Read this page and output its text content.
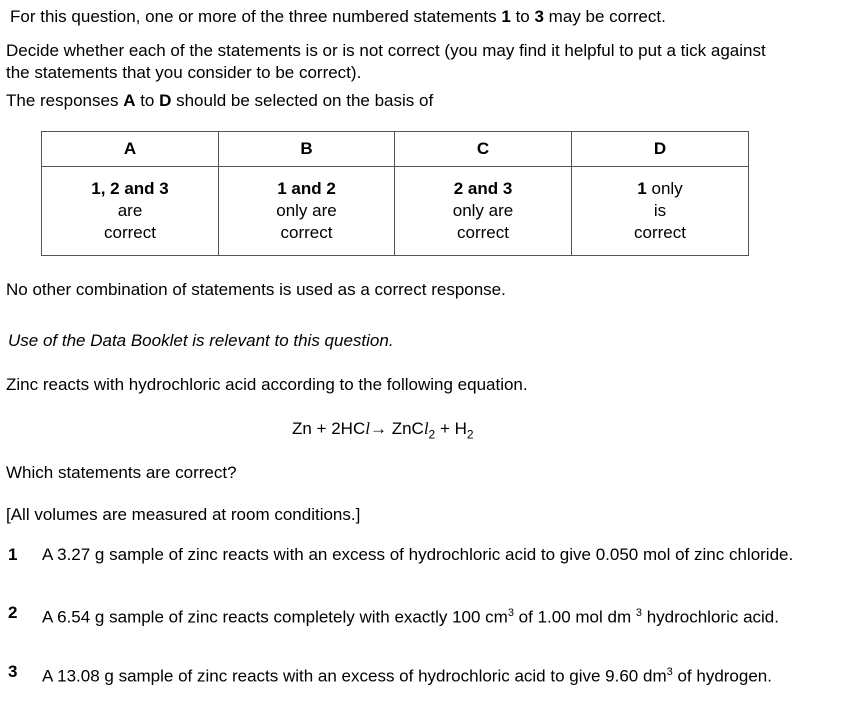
For this question, one or more of the three numbered statements 1 to 3 may be correct.
Decide whether each of the statements is or is not correct (you may find it helpful to put a tick against
the statements that you consider to be correct).
The responses A to D should be selected on the basis of
A	B	C	D

1, 2 and 3
are
correct	1 and 2
only are
correct	2 and 3
only are
correct	1 only
is
correct
No other combination of statements is used as a correct response.
Use of the Data Booklet is relevant to this question.
Zinc reacts with hydrochloric acid according to the following equation.
Zn + 2HCl→ ZnCl$_2$ + $H_2$
Which statements are correct?
[All volumes are measured at room conditions.]
1 A 3.27 g sample of zinc reacts with an excess of hydrochloric acid to give 0.050 mol of zinc chloride.
2 A 6.54 g sample of zinc reacts completely with exactly 100 $cm^3$ of 1.00 mol dm $^3$ hydrochloric acid.
3 A 13.08 g sample of zinc reacts with an excess of hydrochloric acid to give 9.60 $dm^3$ of hydrogen.
